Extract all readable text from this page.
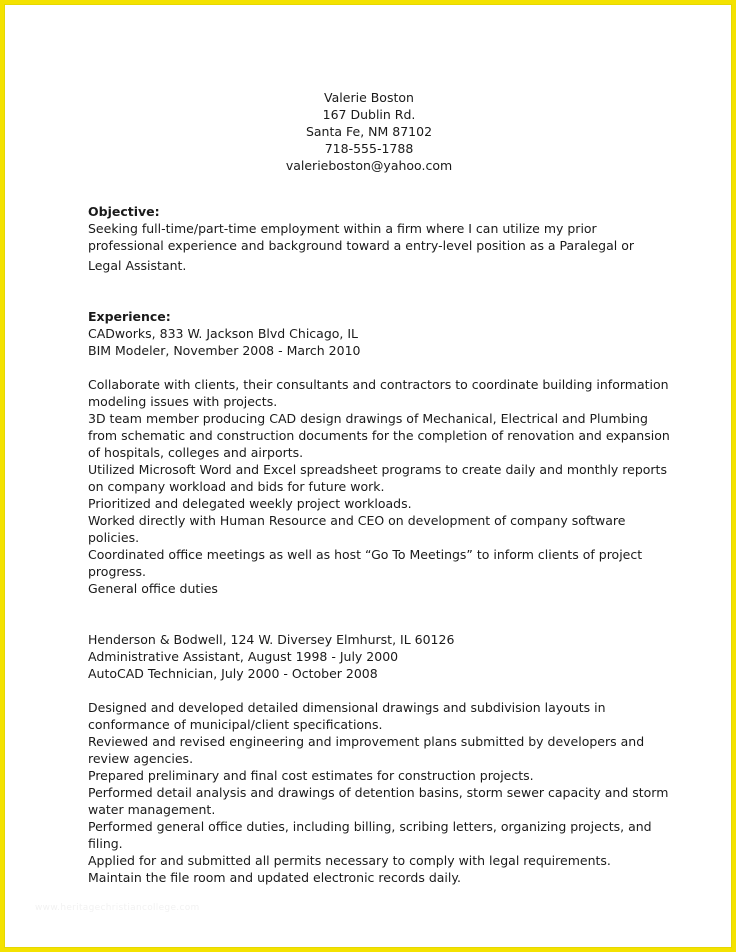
Valerie Boston
167 Dublin Rd.
Santa Fe, NM 87102
718-555-1788
valerieboston@yahoo.com
Objective:
Seeking full-time/part-time employment within a firm where I can utilize my prior
professional experience and background toward a entry-level position as a Paralegal or
Legal Assistant.
Experience:
CADworks, 833 W. Jackson Blvd Chicago, IL
BIM Modeler, November 2008 - March 2010
Collaborate with clients, their consultants and contractors to coordinate building information
modeling issues with projects.
3D team member producing CAD design drawings of Mechanical, Electrical and Plumbing
from schematic and construction documents for the completion of renovation and expansion
of hospitals, colleges and airports.
Utilized Microsoft Word and Excel spreadsheet programs to create daily and monthly reports
on company workload and bids for future work.
Prioritized and delegated weekly project workloads.
Worked directly with Human Resource and CEO on development of company software
policies.
Coordinated office meetings as well as host “Go To Meetings” to inform clients of project
progress.
General office duties
Henderson & Bodwell, 124 W. Diversey Elmhurst, IL 60126
Administrative Assistant, August 1998 - July 2000
AutoCAD Technician, July 2000 - October 2008
Designed and developed detailed dimensional drawings and subdivision layouts in
conformance of municipal/client specifications.
Reviewed and revised engineering and improvement plans submitted by developers and
review agencies.
Prepared preliminary and final cost estimates for construction projects.
Performed detail analysis and drawings of detention basins, storm sewer capacity and storm
water management.
Performed general office duties, including billing, scribing letters, organizing projects, and
filing.
Applied for and submitted all permits necessary to comply with legal requirements.
Maintain the file room and updated electronic records daily.
www.heritagechristiancollege.com
